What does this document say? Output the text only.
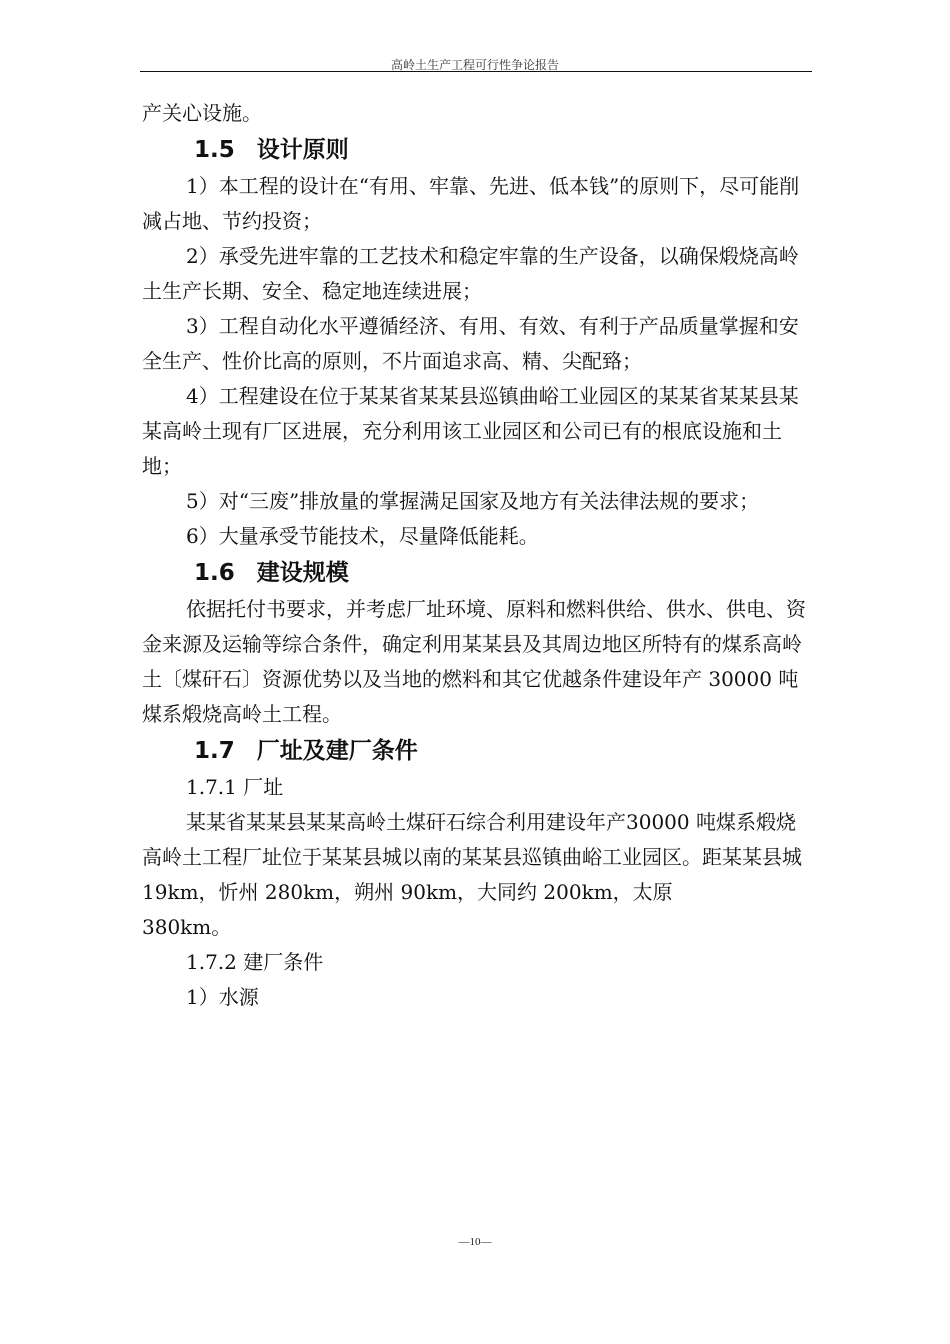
高岭土生产工程可行性争论报告

产关心设施。

1.5 设计原则

1）本工程的设计在“有用、牢靠、先进、低本钱”的原则下，尽可能削减占地、节约投资；

2）承受先进牢靠的工艺技术和稳定牢靠的生产设备，以确保煅烧高岭土生产长期、安全、稳定地连续进展；

3）工程自动化水平遵循经济、有用、有效、有利于产品质量掌握和安全生产、性价比高的原则，不片面追求高、精、尖配臵；

4）工程建设在位于某某省某某县巡镇曲峪工业园区的某某省某某县某某高岭土现有厂区进展，充分利用该工业园区和公司已有的根底设施和土地；

5）对“三废”排放量的掌握满足国家及地方有关法律法规的要求；

6）大量承受节能技术，尽量降低能耗。

1.6 建设规模

依据托付书要求，并考虑厂址环境、原料和燃料供给、供水、供电、资金来源及运输等综合条件，确定利用某某县及其周边地区所特有的煤系高岭土〔煤矸石〕资源优势以及当地的燃料和其它优越条件建设年产 30000 吨煤系煅烧高岭土工程。

1.7 厂址及建厂条件

1.7.1 厂址

某某省某某县某某高岭土煤矸石综合利用建设年产30000 吨煤系煅烧高岭土工程厂址位于某某县城以南的某某县巡镇曲峪工业园区。距某某县城 19km，忻州 280km，朔州 90km，大同约 200km，太原

380km。

1.7.2 建厂条件

1）水源

—10—
